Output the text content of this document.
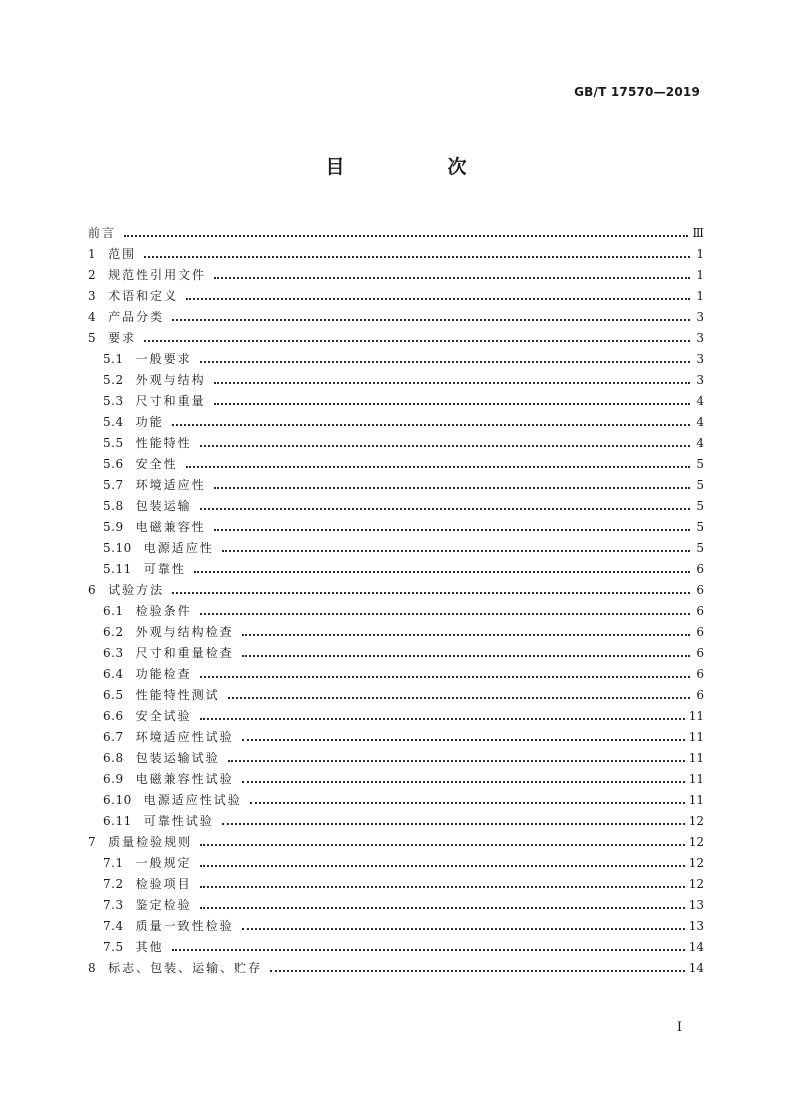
GB/T 17570—2019
目　次
前言	Ⅲ
1 范围	1
2 规范性引用文件	1
3 术语和定义	1
4 产品分类	3
5 要求	3
5.1 一般要求	3
5.2 外观与结构	3
5.3 尺寸和重量	4
5.4 功能	4
5.5 性能特性	4
5.6 安全性	5
5.7 环境适应性	5
5.8 包装运输	5
5.9 电磁兼容性	5
5.10 电源适应性	5
5.11 可靠性	6
6 试验方法	6
6.1 检验条件	6
6.2 外观与结构检查	6
6.3 尺寸和重量检查	6
6.4 功能检查	6
6.5 性能特性测试	6
6.6 安全试验	11
6.7 环境适应性试验	11
6.8 包装运输试验	11
6.9 电磁兼容性试验	11
6.10 电源适应性试验	11
6.11 可靠性试验	12
7 质量检验规则	12
7.1 一般规定	12
7.2 检验项目	12
7.3 鉴定检验	13
7.4 质量一致性检验	13
7.5 其他	14
8 标志、包装、运输、贮存	14
I
